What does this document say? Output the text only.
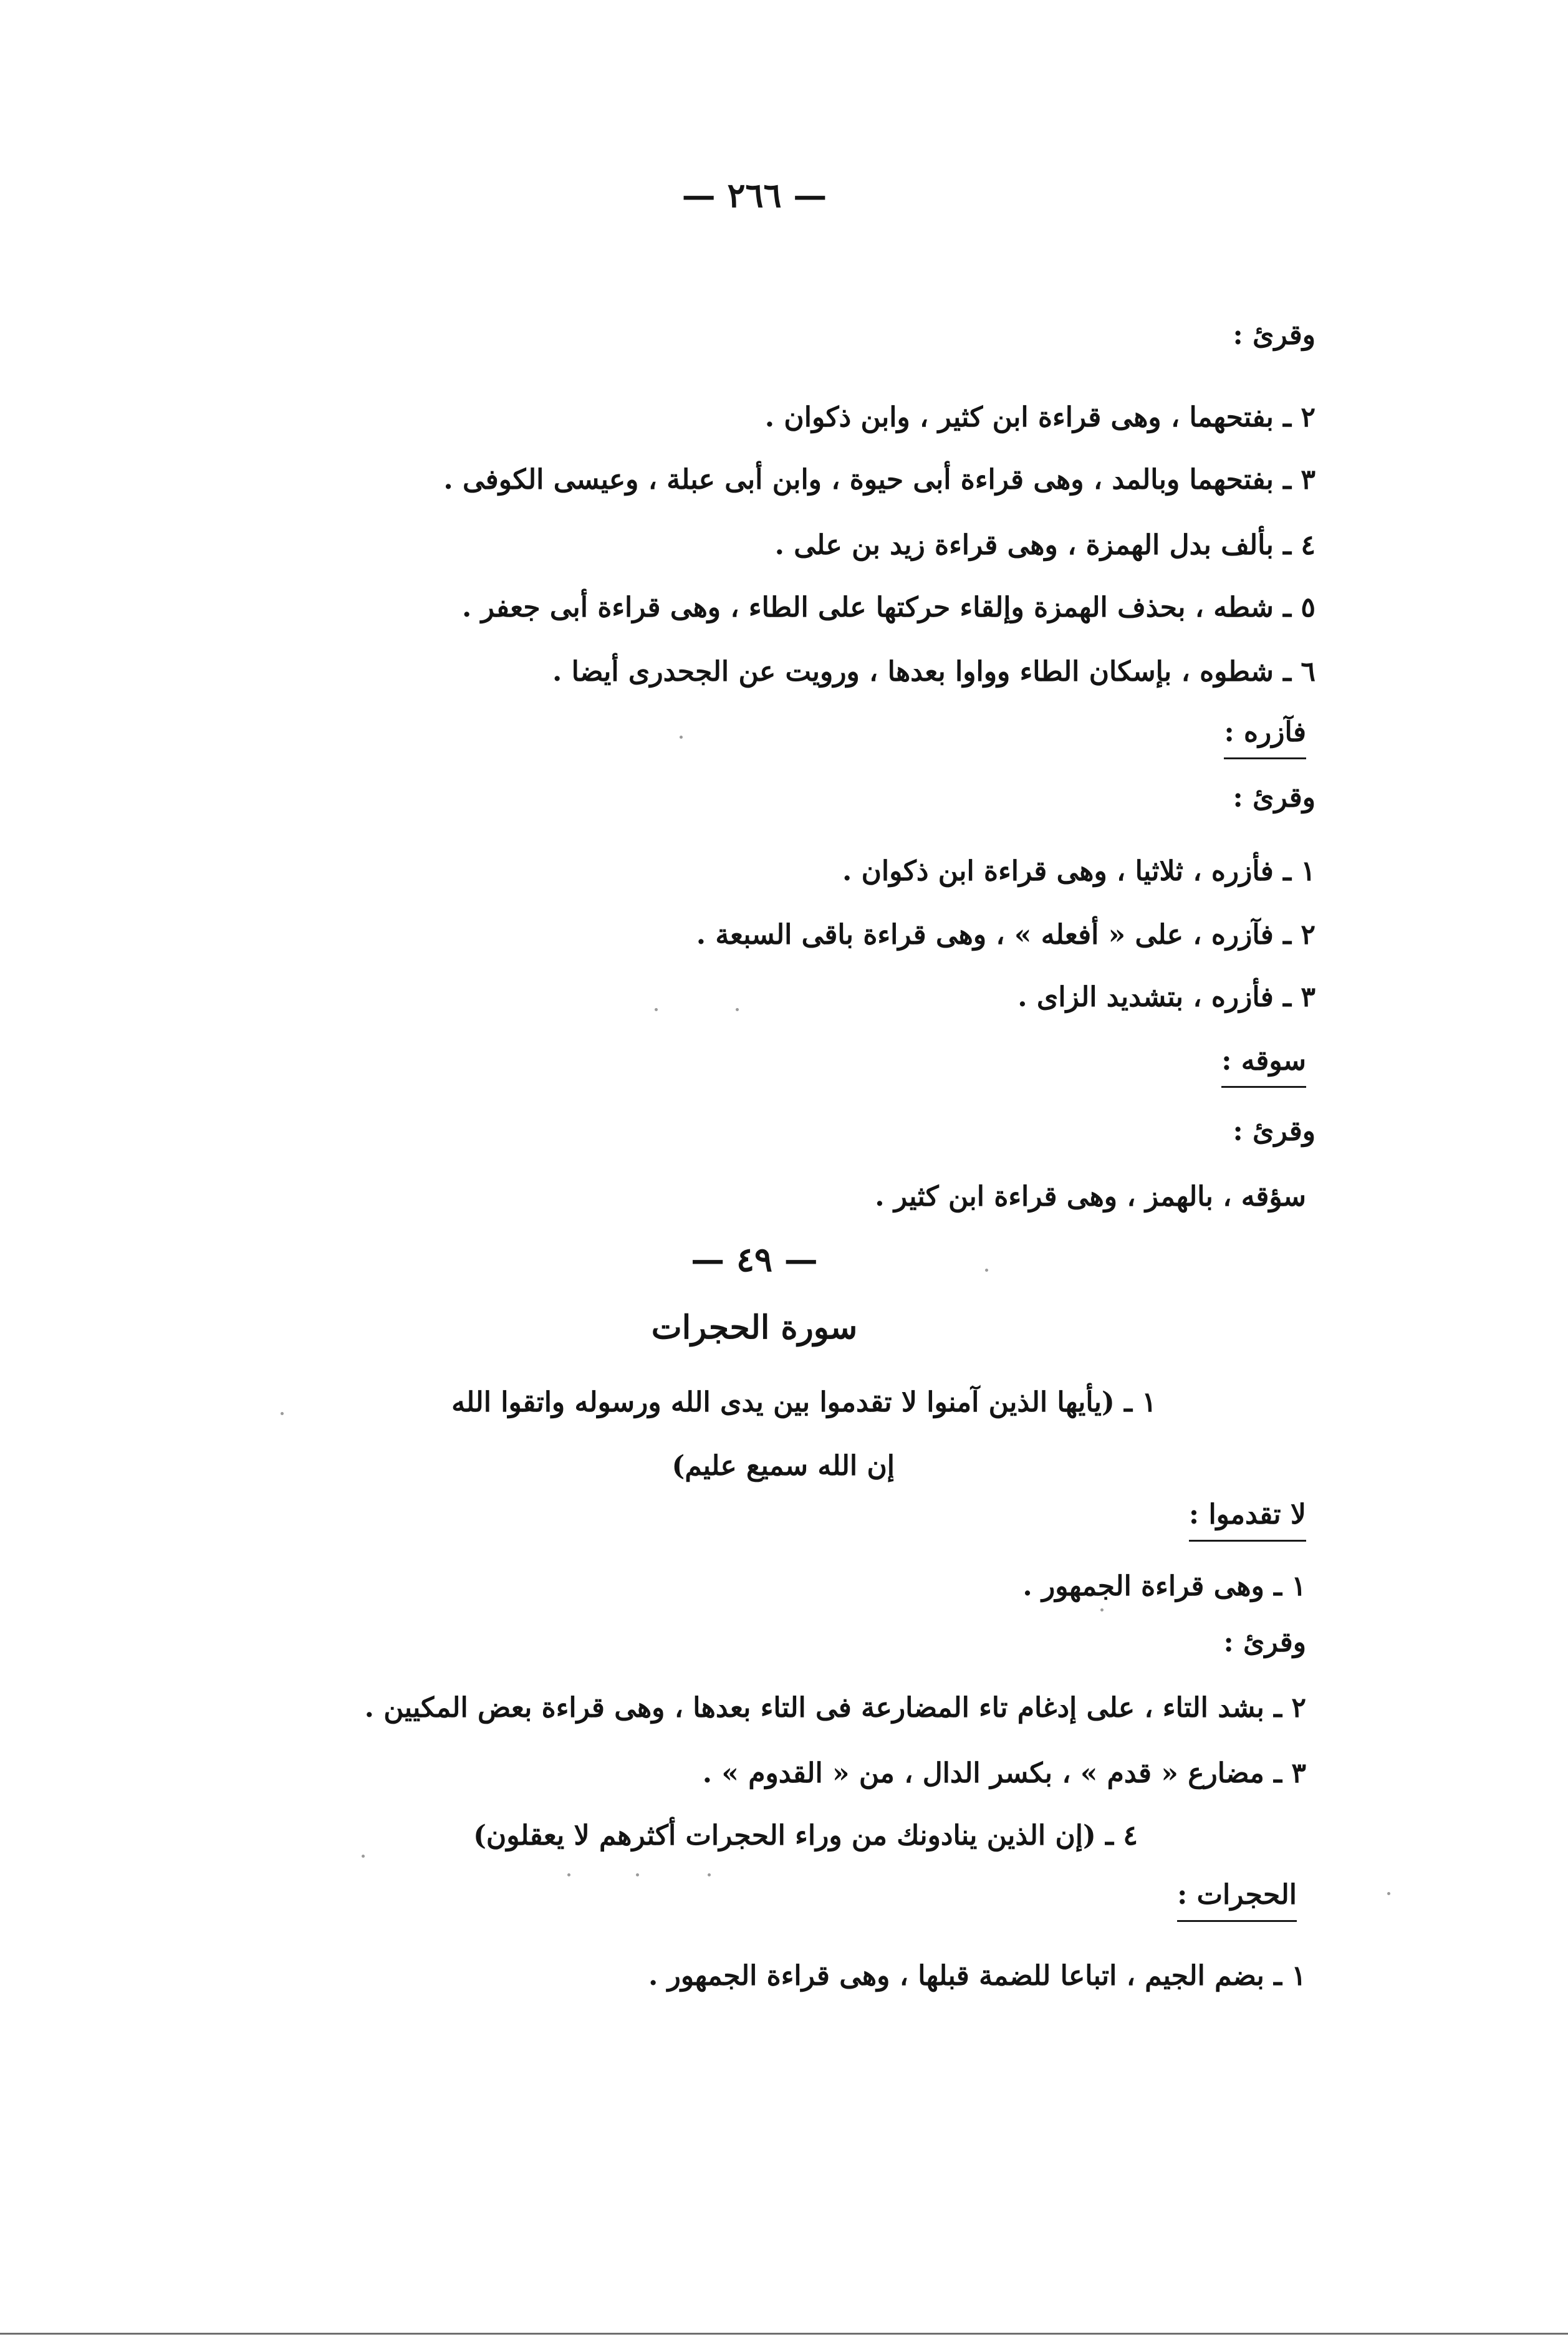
— ٢٦٦ —
وقرئ :
٢ ـ بفتحهما ، وهى قراءة ابن كثير ، وابن ذكوان .
٣ ـ بفتحهما وبالمد ، وهى قراءة أبى حيوة ، وابن أبى عبلة ، وعيسى الكوفى .
٤ ـ بألف بدل الهمزة ، وهى قراءة زيد بن على .
٥ ـ شطه ، بحذف الهمزة وإلقاء حركتها على الطاء ، وهى قراءة أبى جعفر .
٦ ـ شطوه ، بإسكان الطاء وواوا بعدها ، ورويت عن الجحدرى أيضا .
فآزره :
وقرئ :
١ ـ فأزره ، ثلاثيا ، وهى قراءة ابن ذكوان .
٢ ـ فآزره ، على « أفعله » ، وهى قراءة باقى السبعة .
٣ ـ فأزره ، بتشديد الزاى .
سوقه :
وقرئ :
سؤقه ، بالهمز ، وهى قراءة ابن كثير .
— ٤٩ —
سورة الحجرات
١ ـ (يأيها الذين آمنوا لا تقدموا بين يدى الله ورسوله واتقوا الله
إن الله سميع عليم)
لا تقدموا :
١ ـ وهى قراءة الجمهور .
وقرئ :
٢ ـ بشد التاء ، على إدغام تاء المضارعة فى التاء بعدها ، وهى قراءة بعض المكيين .
٣ ـ مضارع « قدم » ، بكسر الدال ، من « القدوم » .
٤ ـ (إن الذين ينادونك من وراء الحجرات أكثرهم لا يعقلون)
الحجرات :
١ ـ بضم الجيم ، اتباعا للضمة قبلها ، وهى قراءة الجمهور .
